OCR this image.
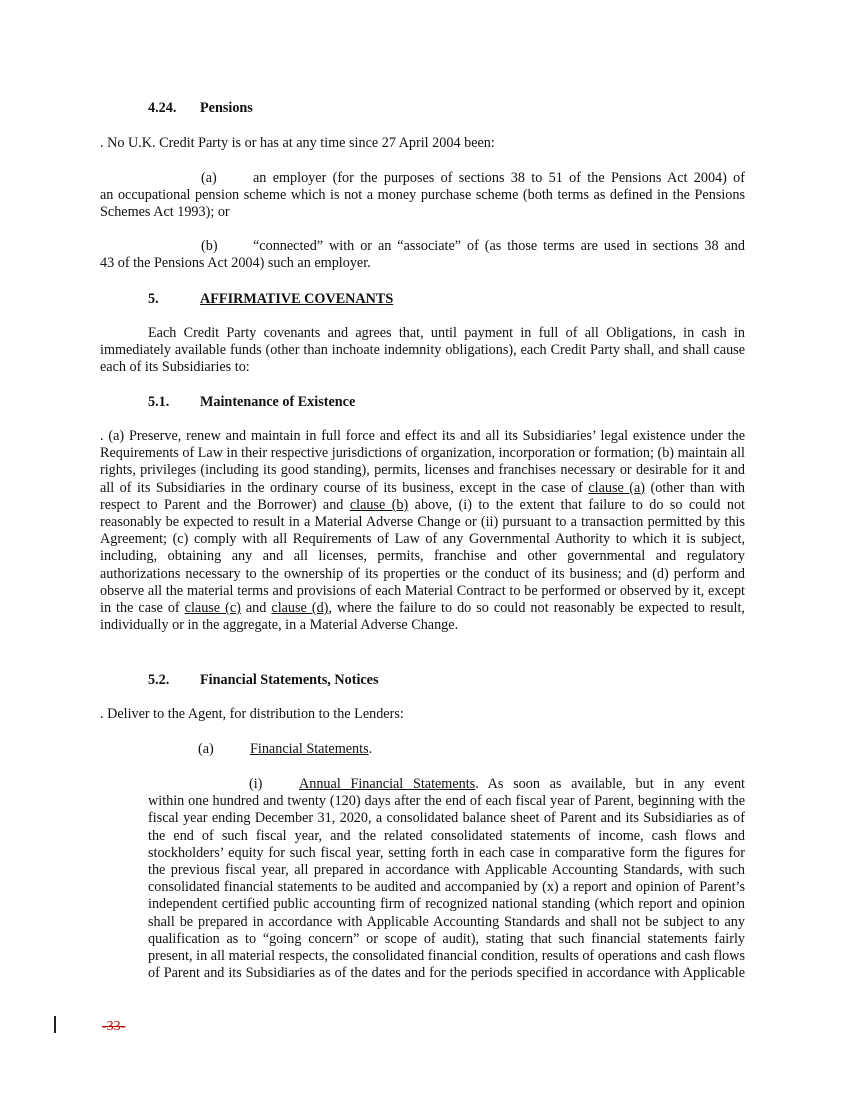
4.24. Pensions
. No U.K. Credit Party is or has at any time since 27 April 2004 been:
(a)	an employer (for the purposes of sections 38 to 51 of the Pensions Act 2004) of
an occupational pension scheme which is not a money purchase scheme (both terms as defined in the Pensions Schemes Act 1993); or
(b) “connected” with or an “associate” of (as those terms are used in sections 38 and
43 of the Pensions Act 2004) such an employer.
5.	AFFIRMATIVE COVENANTS
Each Credit Party covenants and agrees that, until payment in full of all Obligations, in cash in immediately available funds (other than inchoate indemnity obligations), each Credit Party shall, and shall cause each of its Subsidiaries to:
5.1. Maintenance of Existence
. (a) Preserve, renew and maintain in full force and effect its and all its Subsidiaries’ legal existence under the Requirements of Law in their respective jurisdictions of organization, incorporation or formation; (b) maintain all rights, privileges (including its good standing), permits, licenses and franchises necessary or desirable for it and all of its Subsidiaries in the ordinary course of its business, except in the case of clause (a) (other than with respect to Parent and the Borrower) and clause (b) above, (i) to the extent that failure to do so could not reasonably be expected to result in a Material Adverse Change or (ii) pursuant to a transaction permitted by this Agreement; (c) comply with all Requirements of Law of any Governmental Authority to which it is subject, including, obtaining any and all licenses, permits, franchise and other governmental and regulatory authorizations necessary to the ownership of its properties or the conduct of its business; and (d) perform and observe all the material terms and provisions of each Material Contract to be performed or observed by it, except in the case of clause (c) and clause (d), where the failure to do so could not reasonably be expected to result, individually or in the aggregate, in a Material Adverse Change.
5.2. Financial Statements, Notices
. Deliver to the Agent, for distribution to the Lenders:
(a)	Financial Statements.
(i)	Annual Financial Statements. As soon as available, but in any event
within one hundred and twenty (120) days after the end of each fiscal year of Parent, beginning with the fiscal year ending December 31, 2020, a consolidated balance sheet of Parent and its Subsidiaries as of the end of such fiscal year, and the related consolidated statements of income, cash flows and stockholders’ equity for such fiscal year, setting forth in each case in comparative form the figures for the previous fiscal year, all prepared in accordance with Applicable Accounting Standards, with such consolidated financial statements to be audited and accompanied by (x) a report and opinion of Parent’s independent certified public accounting firm of recognized national standing (which report and opinion shall be prepared in accordance with Applicable Accounting Standards and shall not be subject to any qualification as to “going concern” or scope of audit), stating that such financial statements fairly present, in all material respects, the consolidated financial condition, results of operations and cash flows of Parent and its Subsidiaries as of the dates and for the periods specified in accordance with Applicable
-33-
